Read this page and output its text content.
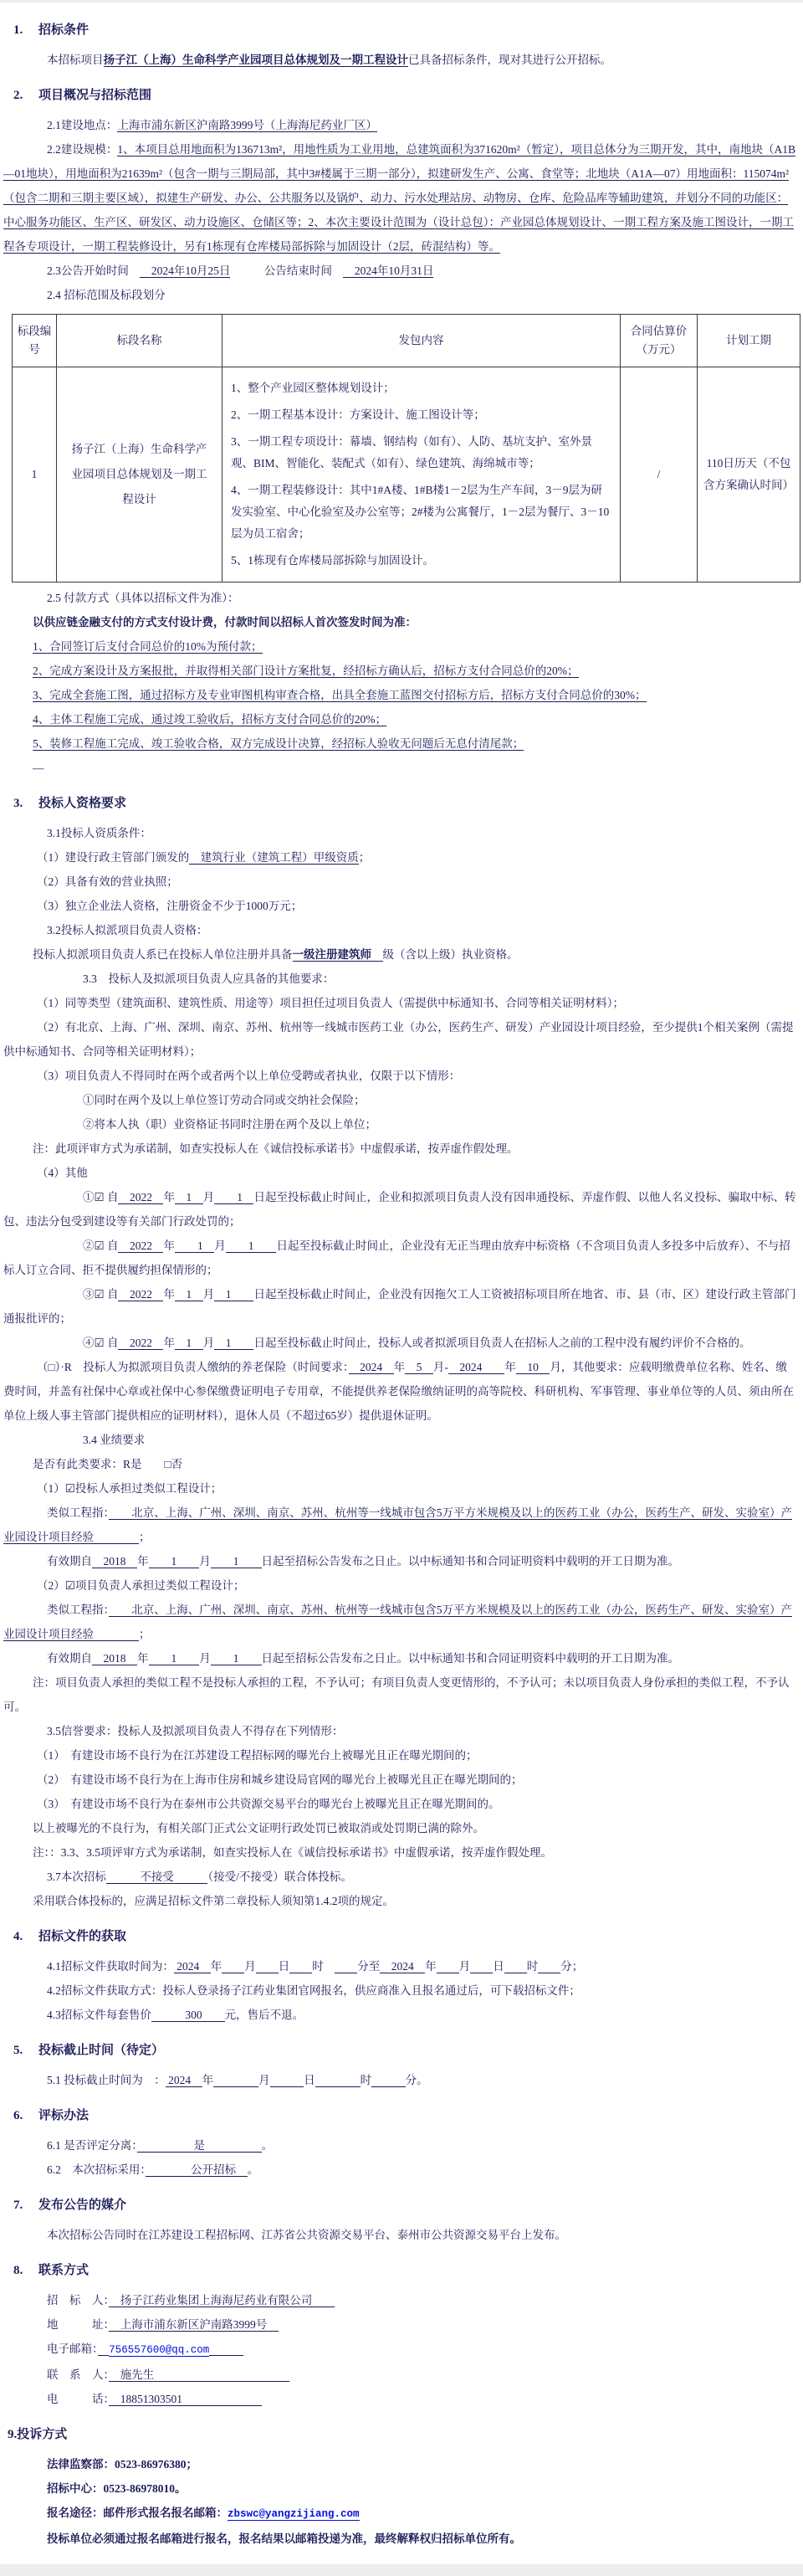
1. 招标条件

本招标项目扬子江（上海）生命科学产业园项目总体规划及一期工程设计已具备招标条件，现对其进行公开招标。

2. 项目概况与招标范围

2.1建设地点：上海市浦东新区沪南路3999号（上海海尼药业厂区）

2.2建设规模：1、本项目总用地面积为136713m²，用地性质为工业用地，总建筑面积为371620m²（暂定），项目总体分为三期开发，其中，南地块（A1B—01地块），用地面积为21639m²（包含一期与三期局部，其中3#楼属于三期一部分），拟建研发生产、公寓、食堂等；北地块（A1A—07）用地面积：115074m²（包含二期和三期主要区域），拟建生产研发、办公、公共服务以及锅炉、动力、污水处理站房、动物房、仓库、危险品库等辅助建筑，并划分不同的功能区：中心服务功能区、生产区、研发区、动力设施区、仓储区等；2、本次主要设计范围为（设计总包）：产业园总体规划设计、一期工程方案及施工图设计，一期工程各专项设计，一期工程装修设计，另有1栋现有仓库楼局部拆除与加固设计（2层，砖混结构）等。

2.3公告开始时间　　2024年10月25日　　　公告结束时间　　2024年10月31日

2.4 招标范围及标段划分

标段编号	标段名称	发包内容	合同估算价（万元）	计划工期
1	扬子江（上海）生命科学产业园项目总体规划及一期工程设计	1、整个产业园区整体规划设计；
2、一期工程基本设计：方案设计、施工图设计等；
3、一期工程专项设计：幕墙、钢结构（如有）、人防、基坑支护、室外景观、BIM、智能化、装配式（如有）、绿色建筑、海绵城市等；
4、一期工程装修设计：其中1#A楼、1#B楼1－2层为生产车间，3－9层为研发实验室、中心化验室及办公室等；2#楼为公寓餐厅，1－2层为餐厅、3－10层为员工宿舍；
5、1栋现有仓库楼局部拆除与加固设计。	/	110日历天（不包含方案确认时间）

2.5 付款方式（具体以招标文件为准）：

以供应链金融支付的方式支付设计费，付款时间以招标人首次签发时间为准：

1、合同签订后支付合同总价的10%为预付款；
2、完成方案设计及方案报批，并取得相关部门设计方案批复，经招标方确认后，招标方支付合同总价的20%；
3、完成全套施工图，通过招标方及专业审图机构审查合格，出具全套施工蓝图交付招标方后，招标方支付合同总价的30%；
4、主体工程施工完成、通过竣工验收后，招标方支付合同总价的20%；
5、装修工程施工完成、竣工验收合格，双方完成设计决算，经招标人验收无问题后无息付清尾款；

—

3. 投标人资格要求

3.1投标人资质条件：

（1）建设行政主管部门颁发的　建筑行业（建筑工程）甲级资质；
（2）具备有效的营业执照；
（3）独立企业法人资格，注册资金不少于1000万元；

3.2投标人拟派项目负责人资格：

投标人拟派项目负责人系已在投标人单位注册并具备一级注册建筑师　级（含以上级）执业资格。

3.3　投标人及拟派项目负责人应具备的其他要求：

（1）同等类型（建筑面积、建筑性质、用途等）项目担任过项目负责人（需提供中标通知书、合同等相关证明材料）；

（2）有北京、上海、广州、深圳、南京、苏州、杭州等一线城市医药工业（办公，医药生产、研发）产业园设计项目经验，至少提供1个相关案例（需提供中标通知书、合同等相关证明材料）；

（3）项目负责人不得同时在两个或者两个以上单位受聘或者执业，仅限于以下情形：

①同时在两个及以上单位签订劳动合同或交纳社会保险；
②将本人执（职）业资格证书同时注册在两个及以上单位；

注：此项评审方式为承诺制，如查实投标人在《诚信投标承诺书》中虚假承诺，按弄虚作假处理。

（4）其他

①☑ 自　2022　年　1　月　　1　日起至投标截止时间止，企业和拟派项目负责人没有因串通投标、弄虚作假、以他人名义投标、骗取中标、转包、违法分包受到建设等有关部门行政处罚的；
②☑ 自　2022　年　　1　月　　1　　日起至投标截止时间止，企业没有无正当理由放弃中标资格（不含项目负责人多投多中后放弃）、不与招标人订立合同、拒不提供履约担保情形的；
③☑ 自　2022　年　1　月　1　　日起至投标截止时间止，企业没有因拖欠工人工资被招标项目所在地省、市、县（市、区）建设行政主管部门通报批评的；
④☑ 自　2022　年　1　月　1　　日起至投标截止时间止，投标人或者拟派项目负责人在招标人之前的工程中没有履约评价不合格的。

（□）·R　投标人为拟派项目负责人缴纳的养老保险（时间要求：　2024　年　5　月-　2024　　年　10　月，其他要求：应载明缴费单位名称、姓名、缴费时间，并盖有社保中心章或社保中心参保缴费证明电子专用章，不能提供养老保险缴纳证明的高等院校、科研机构、军事管理、事业单位等的人员、须由所在单位上级人事主管部门提供相应的证明材料），退休人员（不超过65岁）提供退休证明。

3.4 业绩要求

是否有此类要求：R是　　□否

（1）☑投标人承担过类似工程设计；

类似工程指：　　北京、上海、广州、深圳、南京、苏州、杭州等一线城市包含5万平方米规模及以上的医药工业（办公，医药生产、研发、实验室）产业园设计项目经验　　　　；

有效期自　2018　年　　1　　月　　1　　日起至招标公告发布之日止。以中标通知书和合同证明资料中载明的开工日期为准。

（2）☑项目负责人承担过类似工程设计；

类似工程指：　　北京、上海、广州、深圳、南京、苏州、杭州等一线城市包含5万平方米规模及以上的医药工业（办公，医药生产、研发、实验室）产业园设计项目经验　　　　；

有效期自　2018　年　　1　　月　　1　　日起至招标公告发布之日止。以中标通知书和合同证明资料中载明的开工日期为准。

注：项目负责人承担的类似工程不是投标人承担的工程，不予认可；有项目负责人变更情形的，不予认可；未以项目负责人身份承担的类似工程，不予认可。

3.5信誉要求：投标人及拟派项目负责人不得存在下列情形：

（1）　有建设市场不良行为在江苏建设工程招标网的曝光台上被曝光且正在曝光期间的；
（2）　有建设市场不良行为在上海市住房和城乡建设局官网的曝光台上被曝光且正在曝光期间的；
（3）　有建设市场不良行为在泰州市公共资源交易平台的曝光台上被曝光且正在曝光期间的。

以上被曝光的不良行为，有相关部门正式公文证明行政处罚已被取消或处罚期已满的除外。

注：：3.3、3.5项评审方式为承诺制，如查实投标人在《诚信投标承诺书》中虚假承诺，按弄虚作假处理。

3.7本次招标　　　不接受　　　（接受/不接受）联合体投标。

采用联合体投标的，应满足招标文件第二章投标人须知第1.4.2项的规定。

4. 招标文件的获取

4.1招标文件获取时间为： 2024　年　　 月　　 日　　 时　　　分至　2024　年　　 月　　 日　　 时　　 分；

4.2招标文件获取方式：投标人登录扬子江药业集团官网报名，供应商准入且报名通过后，可下载招标文件；

4.3招标文件每套售价　　　300　　元，售后不退。

5. 投标截止时间（待定）

5.1 投标截止时间为　： 2024　年　　　　	月　　　	日　　　　	时　　　	分。

6. 评标办法

6.1 是否评定分离：　　　　　是　　　　　。

6.2　本次招标采用：　　　　公开招标　。

7. 发布公告的媒介

本次招标公告同时在江苏建设工程招标网、江苏省公共资源交易平台、泰州市公共资源交易平台上发布。

8. 联系方式

招　标　人：　扬子江药业集团上海海尼药业有限公司　　

地　　　址：　上海市浦东新区沪南路3999号　

电子邮箱：　 756557600@qq.com　　　

联　系　人：　施先生　　　　　　　　　　　　

电　　　话：　18851303501　　　　　　　

9.投诉方式

法律监察部：0523-86976380；

招标中心：0523-86978010。

报名途径：邮件形式报名报名邮箱：zbswc@yangzijiang.com

投标单位必须通过报名邮箱进行报名，报名结果以邮箱投递为准，最终解释权归招标单位所有。
